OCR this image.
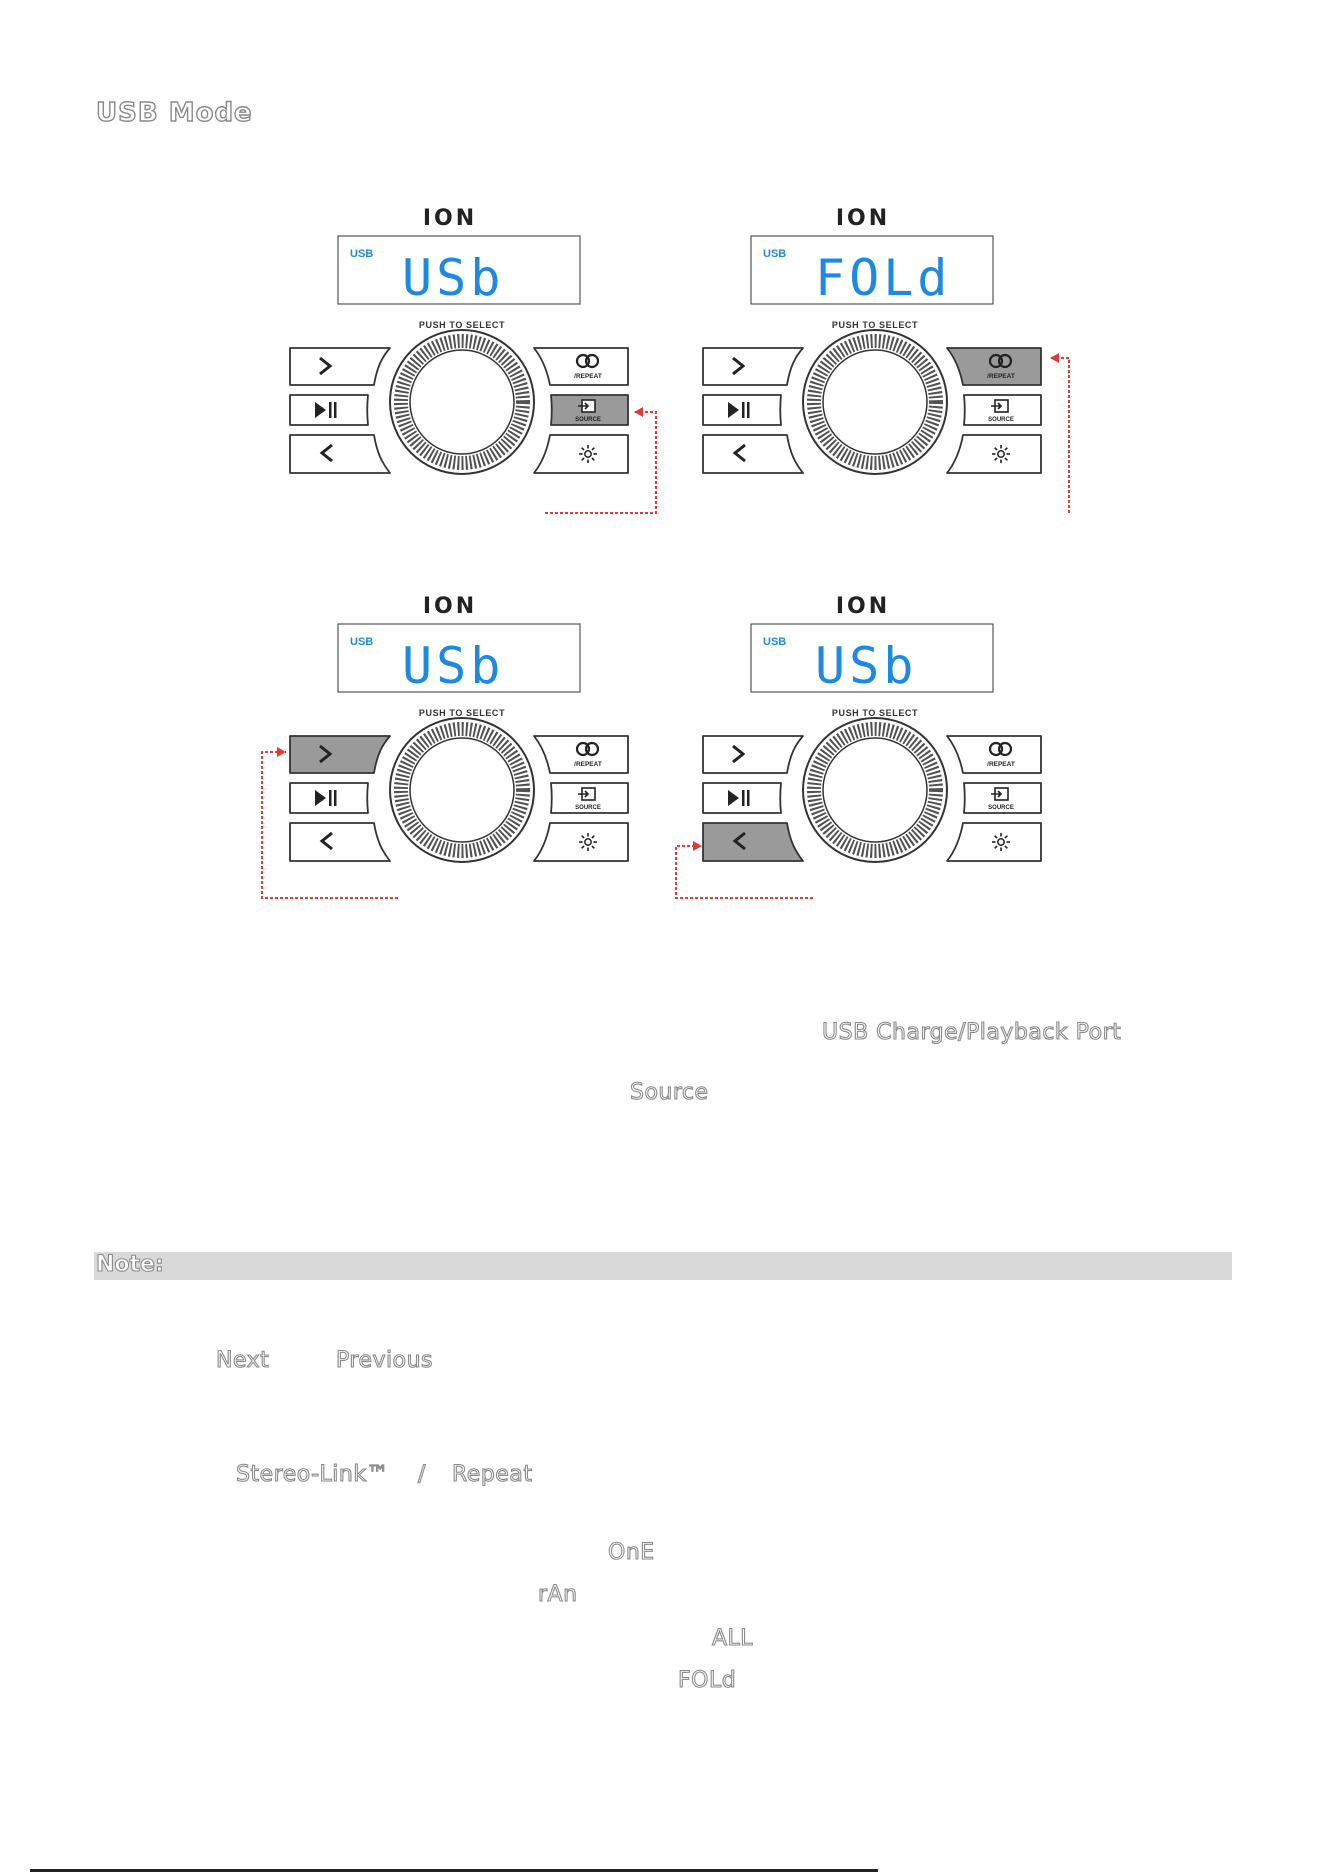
USB Mode
ION
USB USb
PUSH TO SELECT
/REPEAT
SOURCE
ION
USB FOLd
PUSH TO SELECT
/REPEAT
SOURCE
ION
USB USb
PUSH TO SELECT
/REPEAT
SOURCE
ION
USB USb
PUSH TO SELECT
/REPEAT
SOURCE
USB Charge/Playback Port
Source
Note:
Next	Previous
Stereo-Link™ / Repeat
OnE
rAn
ALL
FOLd
